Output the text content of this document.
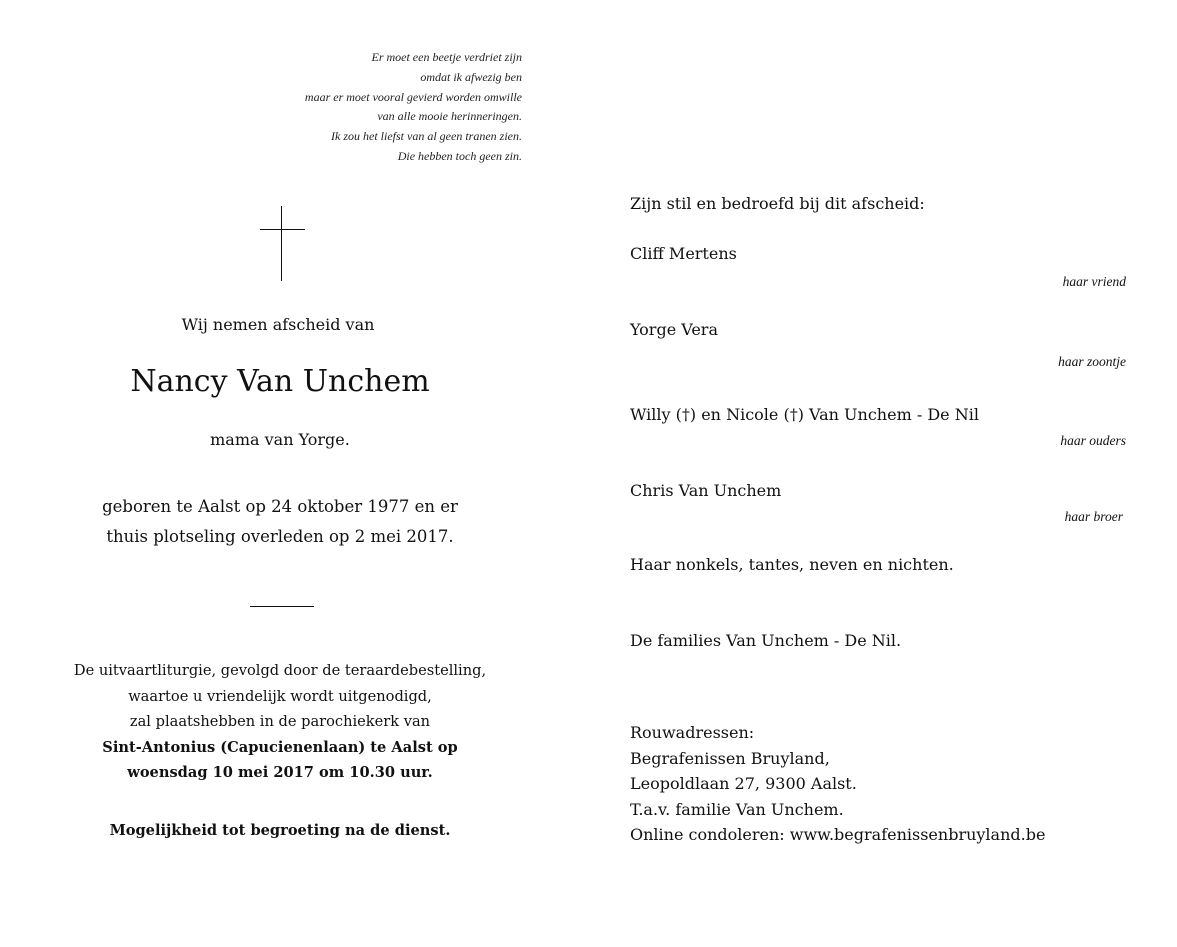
Er moet een beetje verdriet zijn
omdat ik afwezig ben
maar er moet vooral gevierd worden omwille
van alle mooie herinneringen.
Ik zou het liefst van al geen tranen zien.
Die hebben toch geen zin.
Wij nemen afscheid van
Nancy Van Unchem
mama van Yorge.
geboren te Aalst op 24 oktober 1977 en er
thuis plotseling overleden op 2 mei 2017.
De uitvaartliturgie, gevolgd door de teraardebestelling,
waartoe u vriendelijk wordt uitgenodigd,
zal plaatshebben in de parochiekerk van
Sint-Antonius (Capucienenlaan) te Aalst op
woensdag 10 mei 2017 om 10.30 uur.
Mogelijkheid tot begroeting na de dienst.
Zijn stil en bedroefd bij dit afscheid:
Cliff Mertens
haar vriend
Yorge Vera
haar zoontje
Willy (†) en Nicole (†) Van Unchem - De Nil
haar ouders
Chris Van Unchem
haar broer
Haar nonkels, tantes, neven en nichten.
De families Van Unchem - De Nil.
Rouwadressen:
Begrafenissen Bruyland,
Leopoldlaan 27, 9300 Aalst.
T.a.v. familie Van Unchem.
Online condoleren: www.begrafenissenbruyland.be
